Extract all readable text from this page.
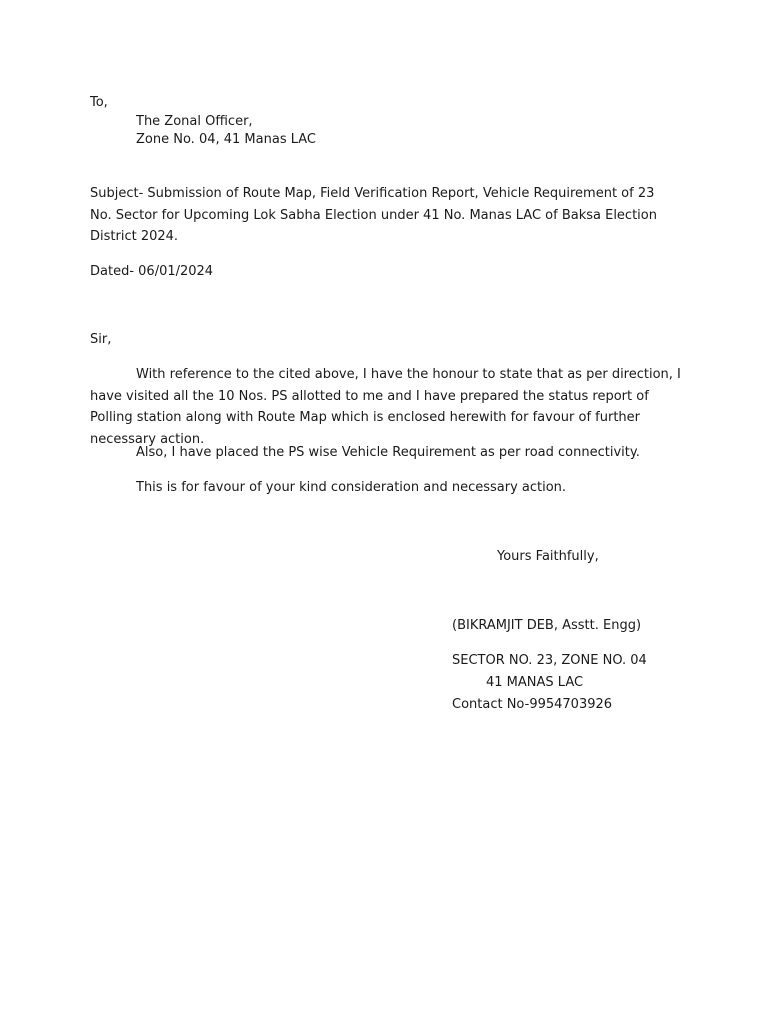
To,
The Zonal Officer,
Zone No. 04, 41 Manas LAC
Subject- Submission of Route Map, Field Verification Report, Vehicle Requirement of 23 No. Sector for Upcoming Lok Sabha Election under 41 No. Manas LAC of Baksa Election District 2024.
Dated- 06/01/2024
Sir,
With reference to the cited above, I have the honour to state that as per direction, I have visited all the 10 Nos. PS allotted to me and I have prepared the status report of Polling station along with Route Map which is enclosed herewith for favour of further necessary action.
Also, I have placed the PS wise Vehicle Requirement as per road connectivity.
This is for favour of your kind consideration and necessary action.
Yours Faithfully,
(BIKRAMJIT DEB, Asstt. Engg)
SECTOR NO. 23, ZONE NO. 04
41 MANAS LAC
Contact No-9954703926
